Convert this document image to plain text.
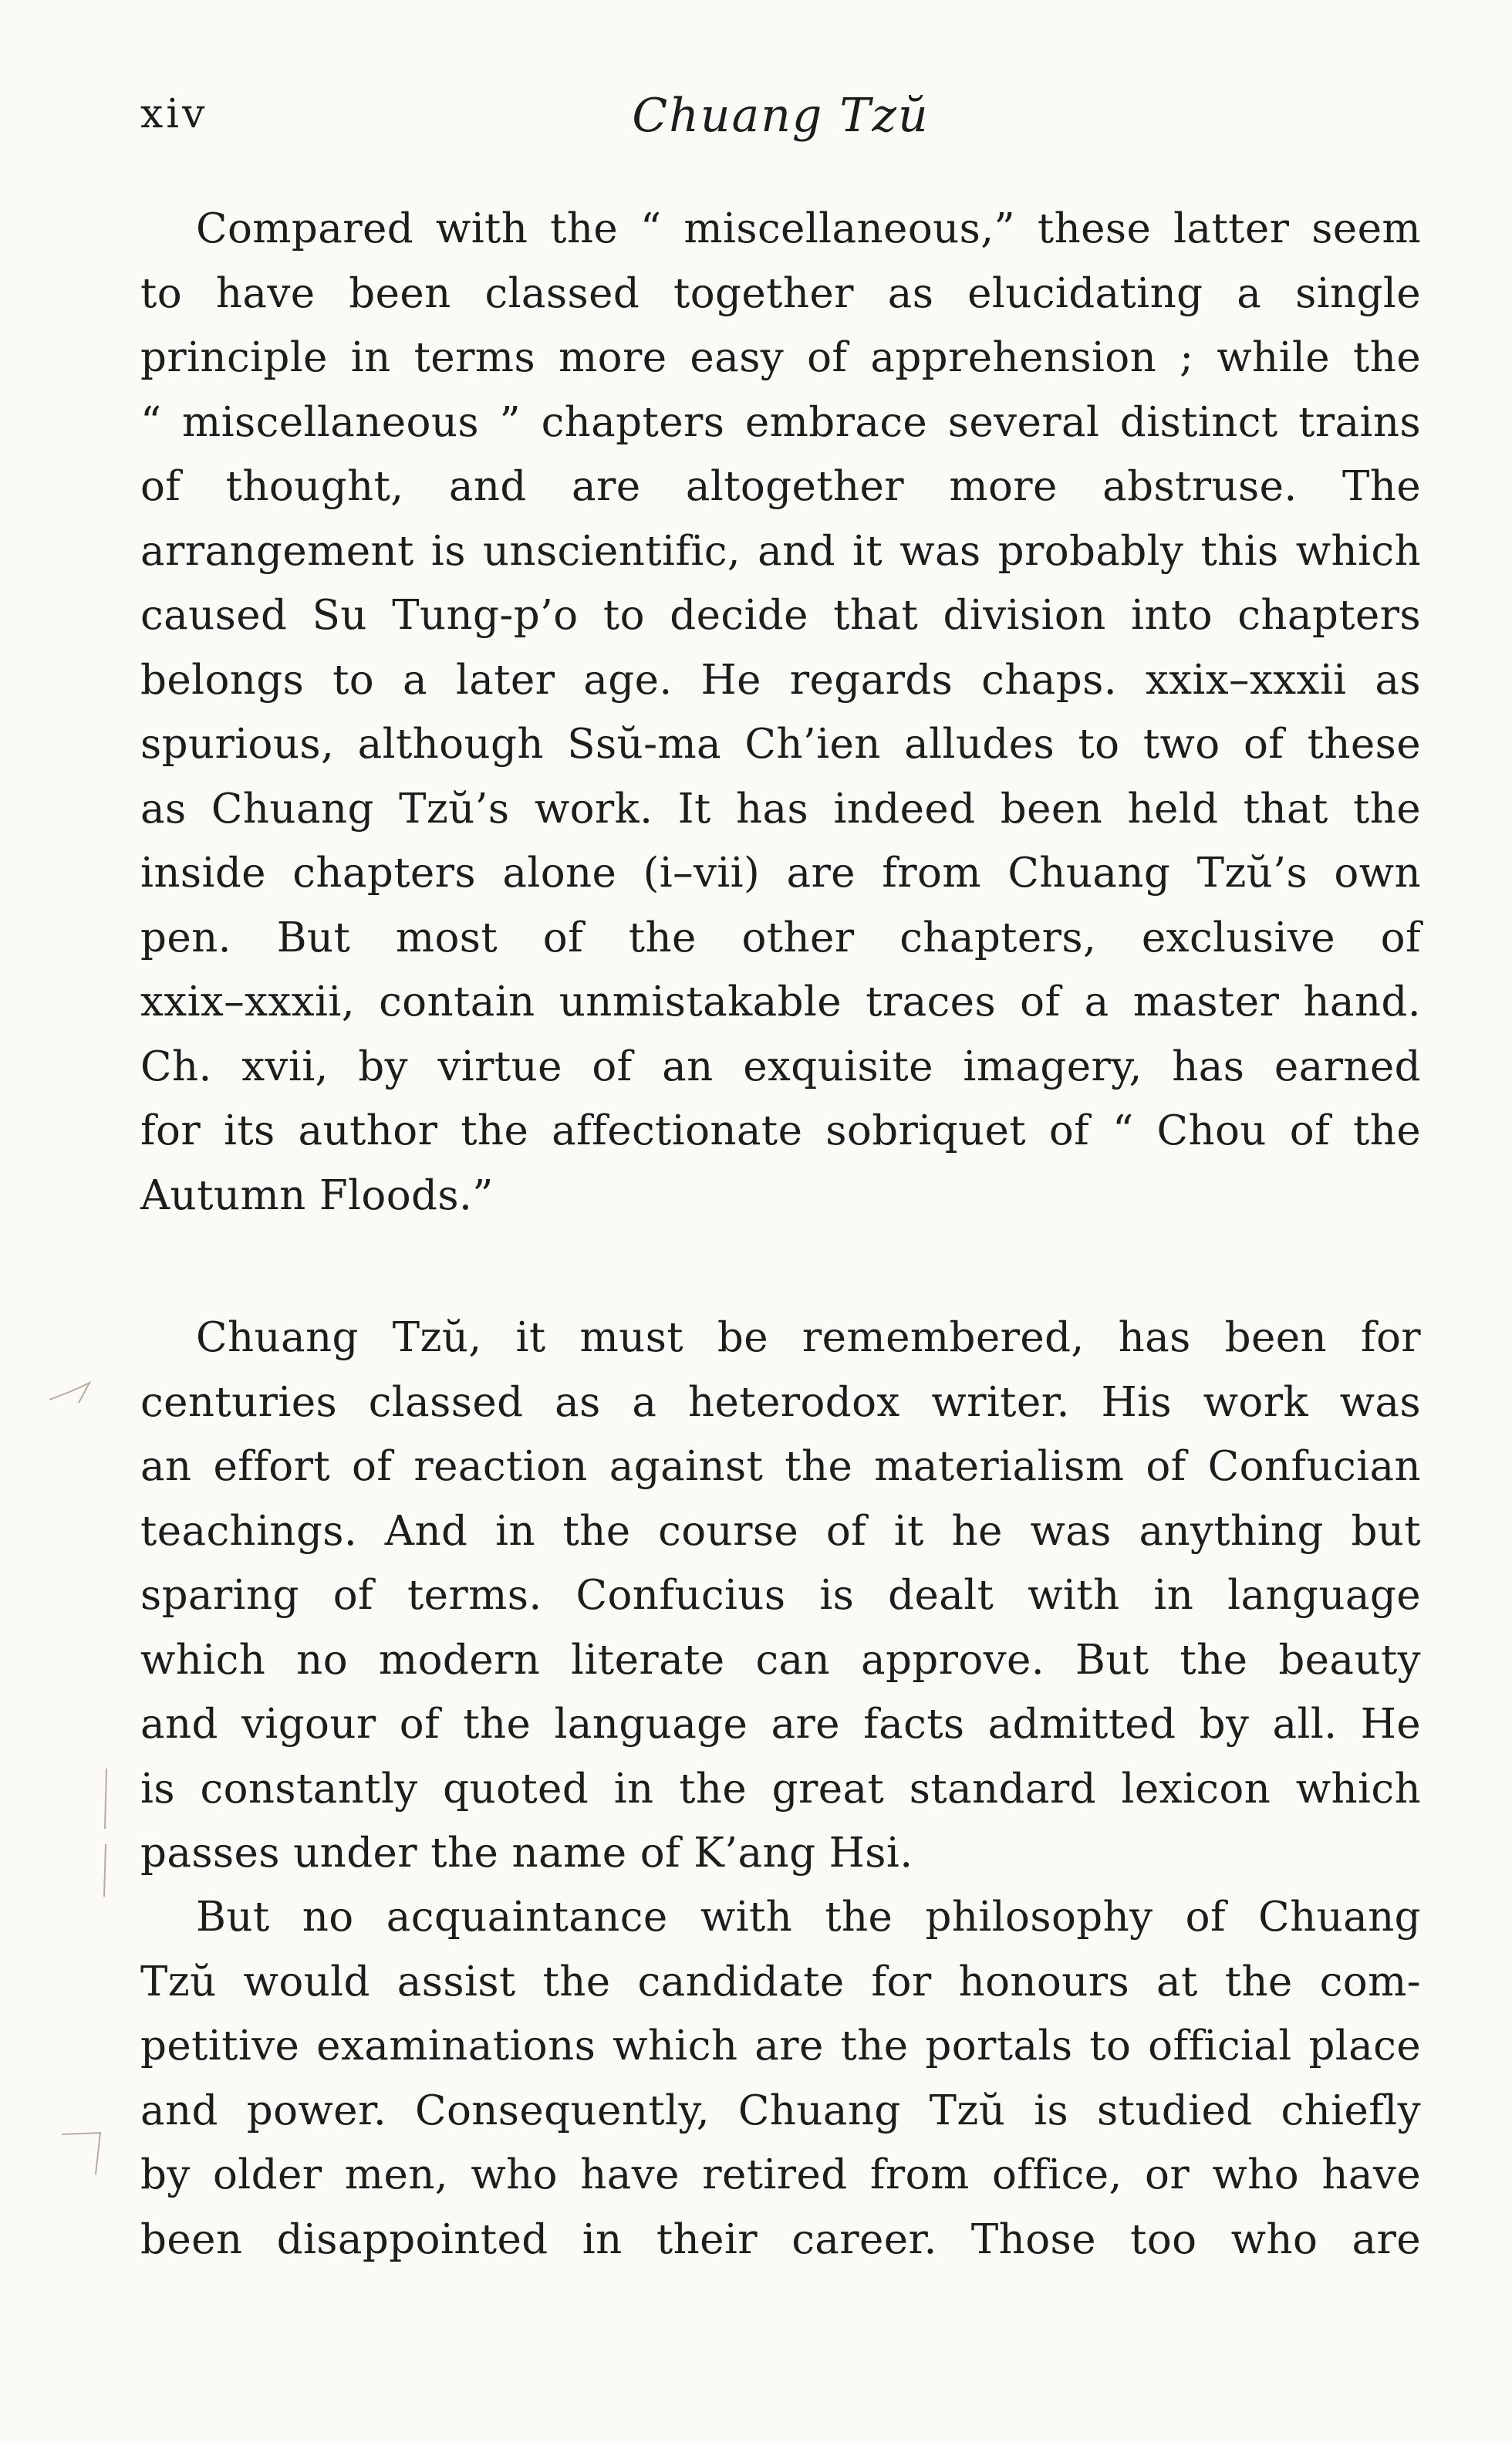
xiv	Chuang Tzŭ
Compared with the “ miscellaneous,” these latter seem
to have been classed together as elucidating a single
principle in terms more easy of apprehension ; while the
“ miscellaneous ” chapters embrace several distinct trains
of thought, and are altogether more abstruse. The
arrangement is unscientific, and it was probably this which
caused Su Tung-p’o to decide that division into chapters
belongs to a later age. He regards chaps. xxix–xxxii as
spurious, although Ssŭ-ma Ch’ien alludes to two of these
as Chuang Tzŭ’s work. It has indeed been held that the
inside chapters alone (i–vii) are from Chuang Tzŭ’s own
pen. But most of the other chapters, exclusive of
xxix–xxxii, contain unmistakable traces of a master hand.
Ch. xvii, by virtue of an exquisite imagery, has earned
for its author the affectionate sobriquet of “ Chou of the
Autumn Floods.”
Chuang Tzŭ, it must be remembered, has been for
centuries classed as a heterodox writer. His work was
an effort of reaction against the materialism of Confucian
teachings. And in the course of it he was anything but
sparing of terms. Confucius is dealt with in language
which no modern literate can approve. But the beauty
and vigour of the language are facts admitted by all. He
is constantly quoted in the great standard lexicon which
passes under the name of K’ang Hsi.
But no acquaintance with the philosophy of Chuang
Tzŭ would assist the candidate for honours at the com-
petitive examinations which are the portals to official place
and power. Consequently, Chuang Tzŭ is studied chiefly
by older men, who have retired from office, or who have
been disappointed in their career. Those too who are
